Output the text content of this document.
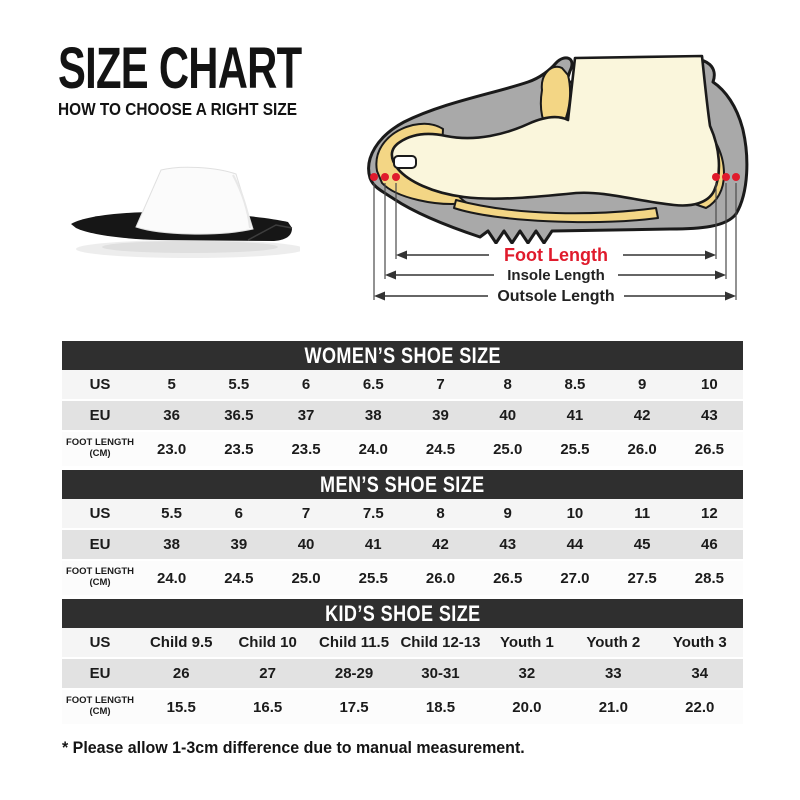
SIZE CHART
HOW TO CHOOSE A RIGHT SIZE
Foot Length
Insole Length
Outsole Length
WOMEN’S SHOE SIZE
US	5	5.5	6	6.5	7	8	8.5	9	10
EU	36	36.5	37	38	39	40	41	42	43
FOOT LENGTH (CM)	23.0	23.5	23.5	24.0	24.5	25.0	25.5	26.0	26.5
MEN’S SHOE SIZE
US	5.5	6	7	7.5	8	9	10	11	12
EU	38	39	40	41	42	43	44	45	46
FOOT LENGTH (CM)	24.0	24.5	25.0	25.5	26.0	26.5	27.0	27.5	28.5
KID’S SHOE SIZE
US	Child 9.5	Child 10	Child 11.5	Child 12-13	Youth 1	Youth 2	Youth 3
EU	26	27	28-29	30-31	32	33	34
FOOT LENGTH (CM)	15.5	16.5	17.5	18.5	20.0	21.0	22.0

* Please allow 1-3cm difference due to manual measurement.
